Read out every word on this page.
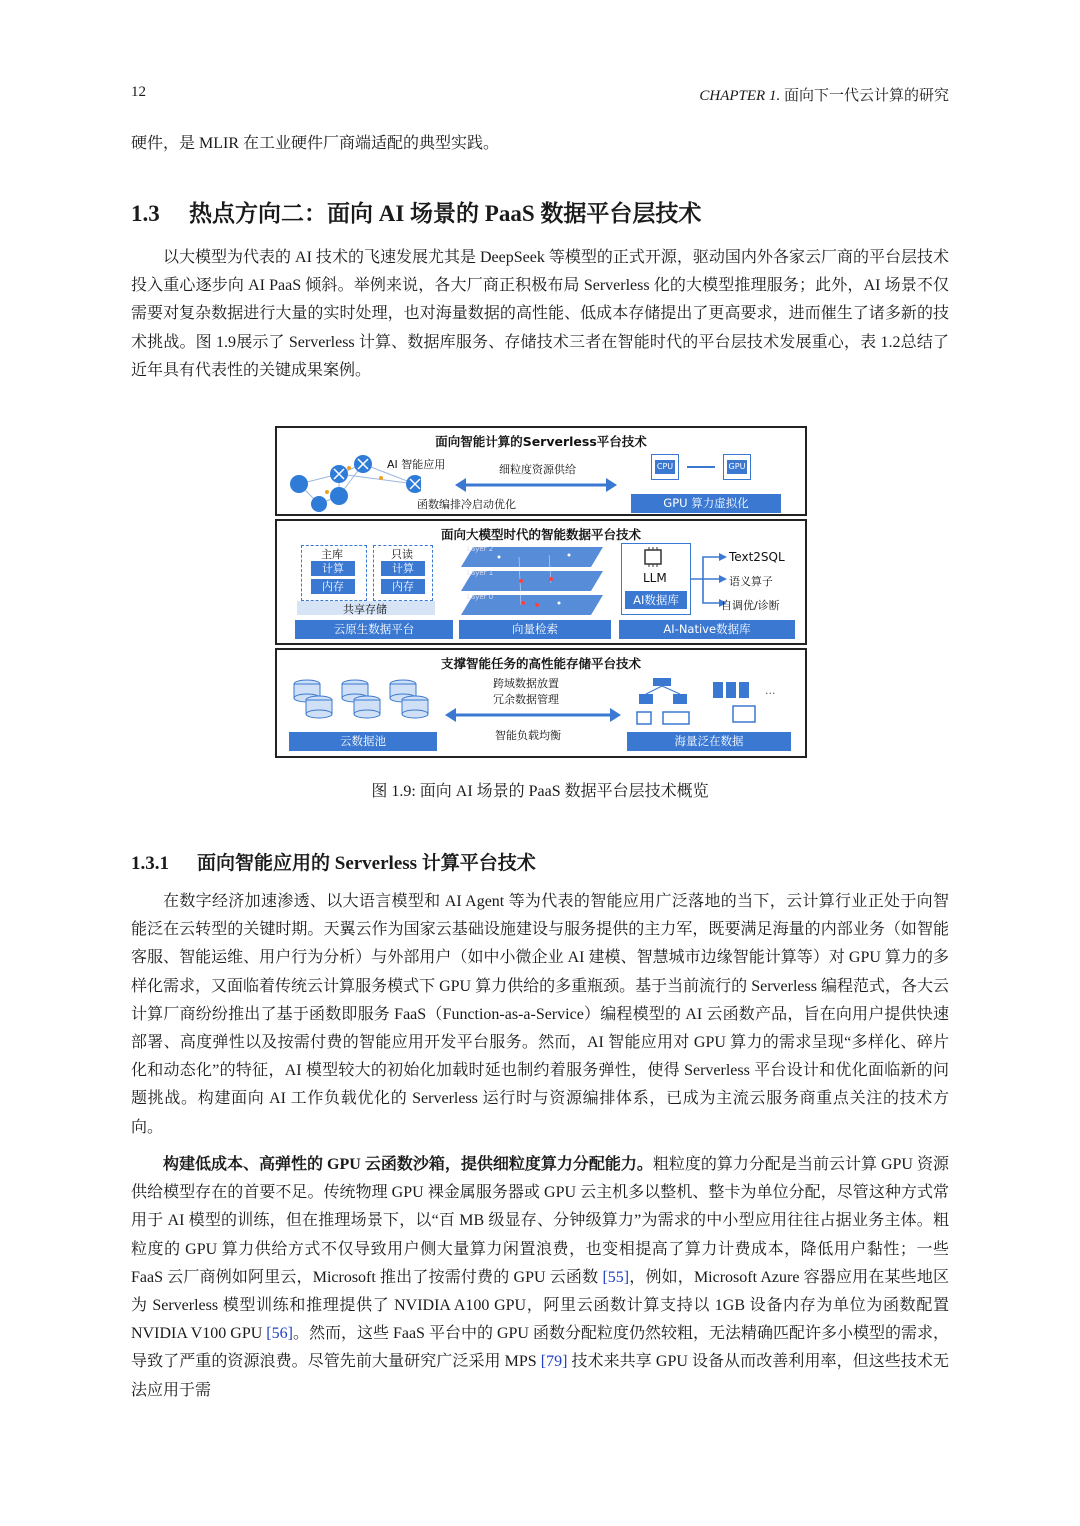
12	CHAPTER 1. 面向下一代云计算的研究
硬件，是 MLIR 在工业硬件厂商端适配的典型实践。
1.3 热点方向二：面向 AI 场景的 PaaS 数据平台层技术

以大模型为代表的 AI 技术的飞速发展尤其是 DeepSeek 等模型的正式开源，驱动国内外各家云厂商的平台层技术投入重心逐步向 AI PaaS 倾斜。举例来说，各大厂商正积极布局 Serverless 化的大模型推理服务；此外，AI 场景不仅需要对复杂数据进行大量的实时处理，也对海量数据的高性能、低成本存储提出了更高要求，进而催生了诸多新的技术挑战。图 1.9展示了 Serverless 计算、数据库服务、存储技术三者在智能时代的平台层技术发展重心，表 1.2总结了近年具有代表性的关键成果案例。

面向智能计算的Serverless平台技术
AI 智能应用	细粒度资源供给
函数编排冷启动优化
CPU	GPU
GPU 算力虚拟化
面向大模型时代的智能数据平台技术
主库
计算
内存
只读
计算
内存
共享存储
云原生数据平台
Layer 2
Layer 1
Layer 0
向量检索
LLM
AI数据库
Text2SQL
语义算子
自调优/诊断
AI-Native数据库
支撑智能任务的高性能存储平台技术
云数据池
跨域数据放置
冗余数据管理
智能负载均衡
...
海量泛在数据
图 1.9: 面向 AI 场景的 PaaS 数据平台层技术概览
1.3.1 面向智能应用的 Serverless 计算平台技术

在数字经济加速渗透、以大语言模型和 AI Agent 等为代表的智能应用广泛落地的当下，云计算行业正处于向智能泛在云转型的关键时期。天翼云作为国家云基础设施建设与服务提供的主力军，既要满足海量的内部业务（如智能客服、智能运维、用户行为分析）与外部用户（如中小微企业 AI 建模、智慧城市边缘智能计算等）对 GPU 算力的多样化需求，又面临着传统云计算服务模式下 GPU 算力供给的多重瓶颈。基于当前流行的 Serverless 编程范式，各大云计算厂商纷纷推出了基于函数即服务 FaaS（Function-as-a-Service）编程模型的 AI 云函数产品，旨在向用户提供快速部署、高度弹性以及按需付费的智能应用开发平台服务。然而，AI 智能应用对 GPU 算力的需求呈现“多样化、碎片化和动态化”的特征，AI 模型较大的初始化加载时延也制约着服务弹性，使得 Serverless 平台设计和优化面临新的问题挑战。构建面向 AI 工作负载优化的 Serverless 运行时与资源编排体系，已成为主流云服务商重点关注的技术方向。

构建低成本、高弹性的 GPU 云函数沙箱，提供细粒度算力分配能力。粗粒度的算力分配是当前云计算 GPU 资源供给模型存在的首要不足。传统物理 GPU 裸金属服务器或 GPU 云主机多以整机、整卡为单位分配，尽管这种方式常用于 AI 模型的训练，但在推理场景下，以“百 MB 级显存、分钟级算力”为需求的中小型应用往往占据业务主体。粗粒度的 GPU 算力供给方式不仅导致用户侧大量算力闲置浪费，也变相提高了算力计费成本，降低用户黏性；一些 FaaS 云厂商例如阿里云，Microsoft 推出了按需付费的 GPU 云函数 [55]，例如，Microsoft Azure 容器应用在某些地区为 Serverless 模型训练和推理提供了 NVIDIA A100 GPU，阿里云函数计算支持以 1GB 设备内存为单位为函数配置 NVIDIA V100 GPU [56]。然而，这些 FaaS 平台中的 GPU 函数分配粒度仍然较粗，无法精确匹配许多小模型的需求，导致了严重的资源浪费。尽管先前大量研究广泛采用 MPS [79] 技术来共享 GPU 设备从而改善利用率，但这些技术无法应用于需
